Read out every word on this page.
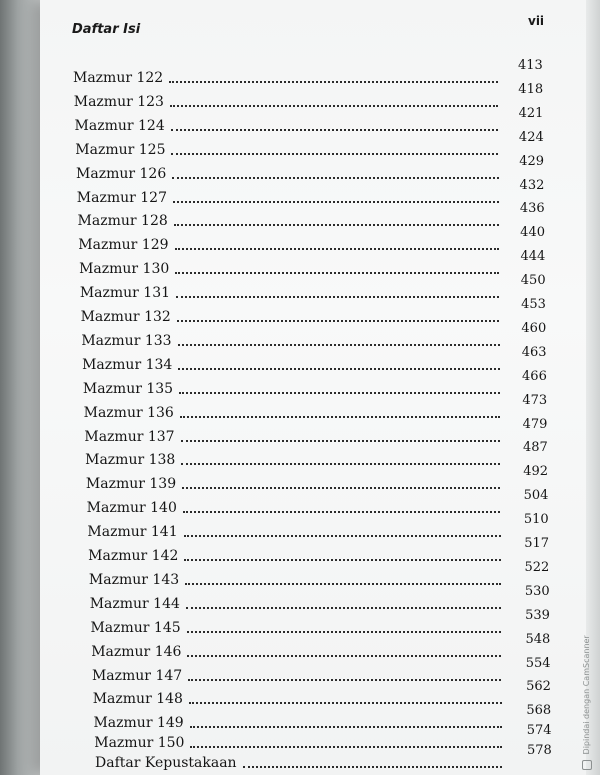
Daftar Isi
vii
Mazmur 122
413
Mazmur 123
418
Mazmur 124
421
Mazmur 125
424
Mazmur 126
429
Mazmur 127
432
Mazmur 128
436
Mazmur 129
440
Mazmur 130
444
Mazmur 131
450
Mazmur 132
453
Mazmur 133
460
Mazmur 134
463
Mazmur 135
466
Mazmur 136
473
Mazmur 137
479
Mazmur 138
487
Mazmur 139
492
Mazmur 140
504
Mazmur 141
510
Mazmur 142
517
Mazmur 143
522
Mazmur 144
530
Mazmur 145
539
Mazmur 146
548
Mazmur 147
554
Mazmur 148
562
Mazmur 149
568
Mazmur 150
574
Daftar Kepustakaan
578	Dipindai dengan CamScanner
